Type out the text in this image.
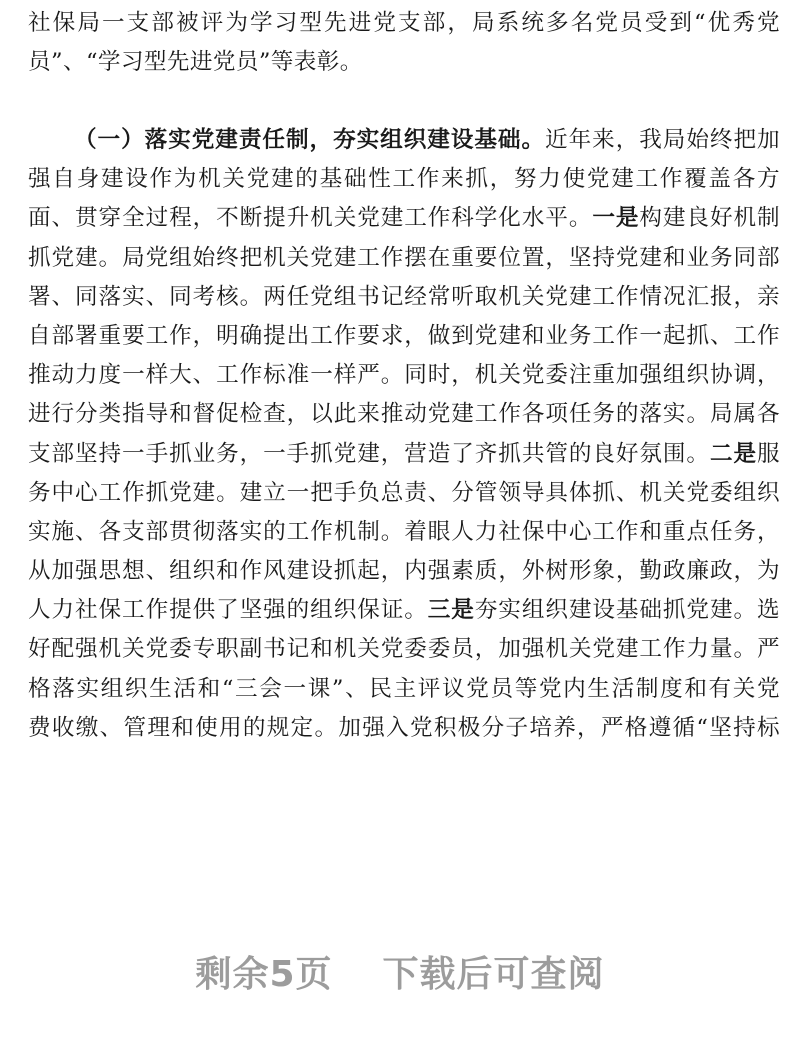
社保局一支部被评为学习型先进党支部，局系统多名党员受到“优秀党
员”、“学习型先进党员”等表彰。
（一）落实党建责任制，夯实组织建设基础。近年来，我局始终把加
强自身建设作为机关党建的基础性工作来抓，努力使党建工作覆盖各方
面、贯穿全过程，不断提升机关党建工作科学化水平。一是构建良好机制
抓党建。局党组始终把机关党建工作摆在重要位置，坚持党建和业务同部
署、同落实、同考核。两任党组书记经常听取机关党建工作情况汇报，亲
自部署重要工作，明确提出工作要求，做到党建和业务工作一起抓、工作
推动力度一样大、工作标准一样严。同时，机关党委注重加强组织协调，
进行分类指导和督促检查，以此来推动党建工作各项任务的落实。局属各
支部坚持一手抓业务，一手抓党建，营造了齐抓共管的良好氛围。二是服
务中心工作抓党建。建立一把手负总责、分管领导具体抓、机关党委组织
实施、各支部贯彻落实的工作机制。着眼人力社保中心工作和重点任务，
从加强思想、组织和作风建设抓起，内强素质，外树形象，勤政廉政，为
人力社保工作提供了坚强的组织保证。三是夯实组织建设基础抓党建。选
好配强机关党委专职副书记和机关党委委员，加强机关党建工作力量。严
格落实组织生活和“三会一课”、民主评议党员等党内生活制度和有关党
费收缴、管理和使用的规定。加强入党积极分子培养，严格遵循“坚持标
剩余5页 下载后可查阅
